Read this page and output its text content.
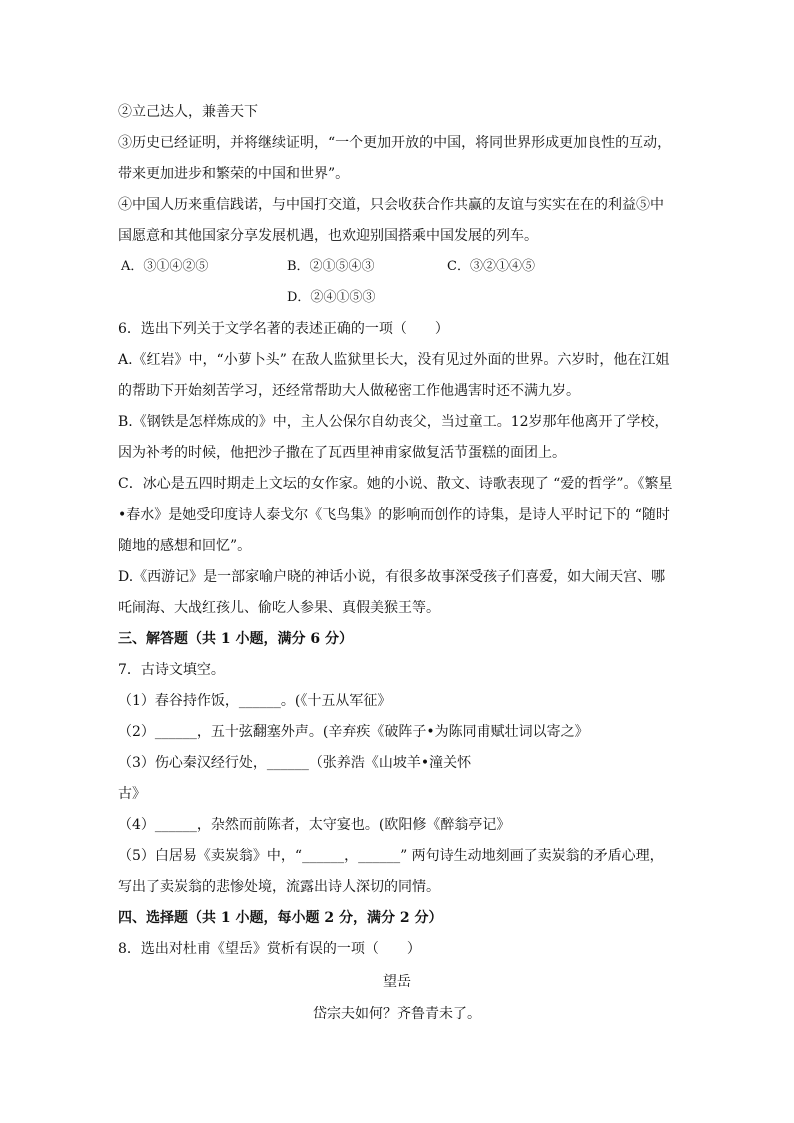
②立己达人，兼善天下
③历史已经证明，并将继续证明，“一个更加开放的中国，将同世界形成更加良性的互动，
带来更加进步和繁荣的中国和世界”。
④中国人历来重信践诺，与中国打交道，只会收获合作共赢的友谊与实实在在的利益⑤中
国愿意和其他国家分享发展机遇，也欢迎别国搭乘中国发展的列车。
A．③①④②⑤	B．②①⑤④③	C．③②①④⑤
D．②④①⑤③
6．选出下列关于文学名著的表述正确的一项（　　）
A.《红岩》中，“小萝卜头” 在敌人监狱里长大，没有见过外面的世界。六岁时，他在江姐
的帮助下开始刻苦学习，还经常帮助大人做秘密工作他遇害时还不满九岁。
B.《钢铁是怎样炼成的》中，主人公保尔自幼丧父，当过童工。12岁那年他离开了学校，
因为补考的时候，他把沙子撒在了瓦西里神甫家做复活节蛋糕的面团上。
C．冰心是五四时期走上文坛的女作家。她的小说、散文、诗歌表现了 “爱的哲学”。《繁星
•春水》是她受印度诗人泰戈尔《飞鸟集》的影响而创作的诗集，是诗人平时记下的 “随时
随地的感想和回忆”。
D.《西游记》是一部家喻户晓的神话小说，有很多故事深受孩子们喜爱，如大闹天宫、哪
吒闹海、大战红孩儿、偷吃人参果、真假美猴王等。
三、解答题（共 1 小题，满分 6 分）
7．古诗文填空。
（1）春谷持作饭，______。(《十五从军征》
（2）______，五十弦翻塞外声。(辛弃疾《破阵子•为陈同甫赋壮词以寄之》
（3）伤心秦汉经行处，______（张养浩《山坡羊•潼关怀
古》
（4）______，杂然而前陈者，太守宴也。(欧阳修《醉翁亭记》
（5）白居易《卖炭翁》中，“______，______” 两句诗生动地刻画了卖炭翁的矛盾心理，
写出了卖炭翁的悲惨处境，流露出诗人深切的同情。
四、选择题（共 1 小题，每小题 2 分，满分 2 分）
8．选出对杜甫《望岳》赏析有误的一项（　　）
望岳
岱宗夫如何？齐鲁青未了。
